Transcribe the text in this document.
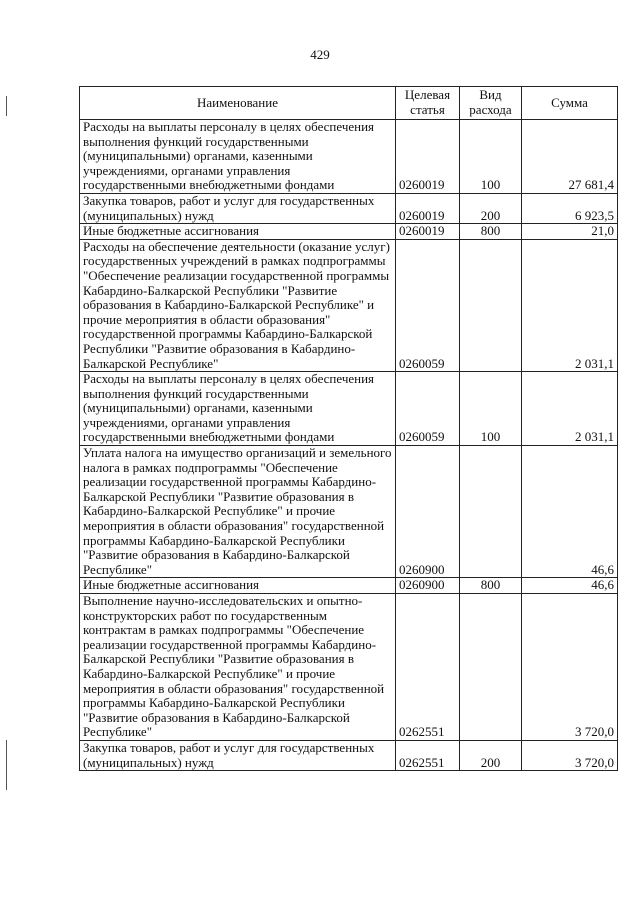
429
Наименование	Целевая статья	Вид расхода	Сумма
Расходы на выплаты персоналу в целях обеспечения выполнения функций государственными (муниципальными) органами, казенными учреждениями, органами управления государственными внебюджетными фондами	0260019	100	27 681,4
Закупка товаров, работ и услуг для государственных (муниципальных) нужд	0260019	200	6 923,5
Иные бюджетные ассигнования	0260019	800	21,0
Расходы на обеспечение деятельности (оказание услуг) государственных учреждений в рамках подпрограммы "Обеспечение реализации государственной программы Кабардино-Балкарской Республики "Развитие образования в Кабардино-Балкарской Республике" и прочие мероприятия в области образования" государственной программы Кабардино-Балкарской Республики "Развитие образования в Кабардино-Балкарской Республике"	0260059		2 031,1
Расходы на выплаты персоналу в целях обеспечения выполнения функций государственными (муниципальными) органами, казенными учреждениями, органами управления государственными внебюджетными фондами	0260059	100	2 031,1
Уплата налога на имущество организаций и земельного налога в рамках подпрограммы "Обеспечение реализации государственной программы Кабардино-Балкарской Республики "Развитие образования в Кабардино-Балкарской Республике" и прочие мероприятия в области образования" государственной программы Кабардино-Балкарской Республики "Развитие образования в Кабардино-Балкарской Республике"	0260900		46,6
Иные бюджетные ассигнования	0260900	800	46,6
Выполнение научно-исследовательских и опытно-конструкторских работ по государственным контрактам в рамках подпрограммы "Обеспечение реализации государственной программы Кабардино-Балкарской Республики "Развитие образования в Кабардино-Балкарской Республике" и прочие мероприятия в области образования" государственной программы Кабардино-Балкарской Республики "Развитие образования в Кабардино-Балкарской Республике"	0262551		3 720,0
Закупка товаров, работ и услуг для государственных (муниципальных) нужд	0262551	200	3 720,0
